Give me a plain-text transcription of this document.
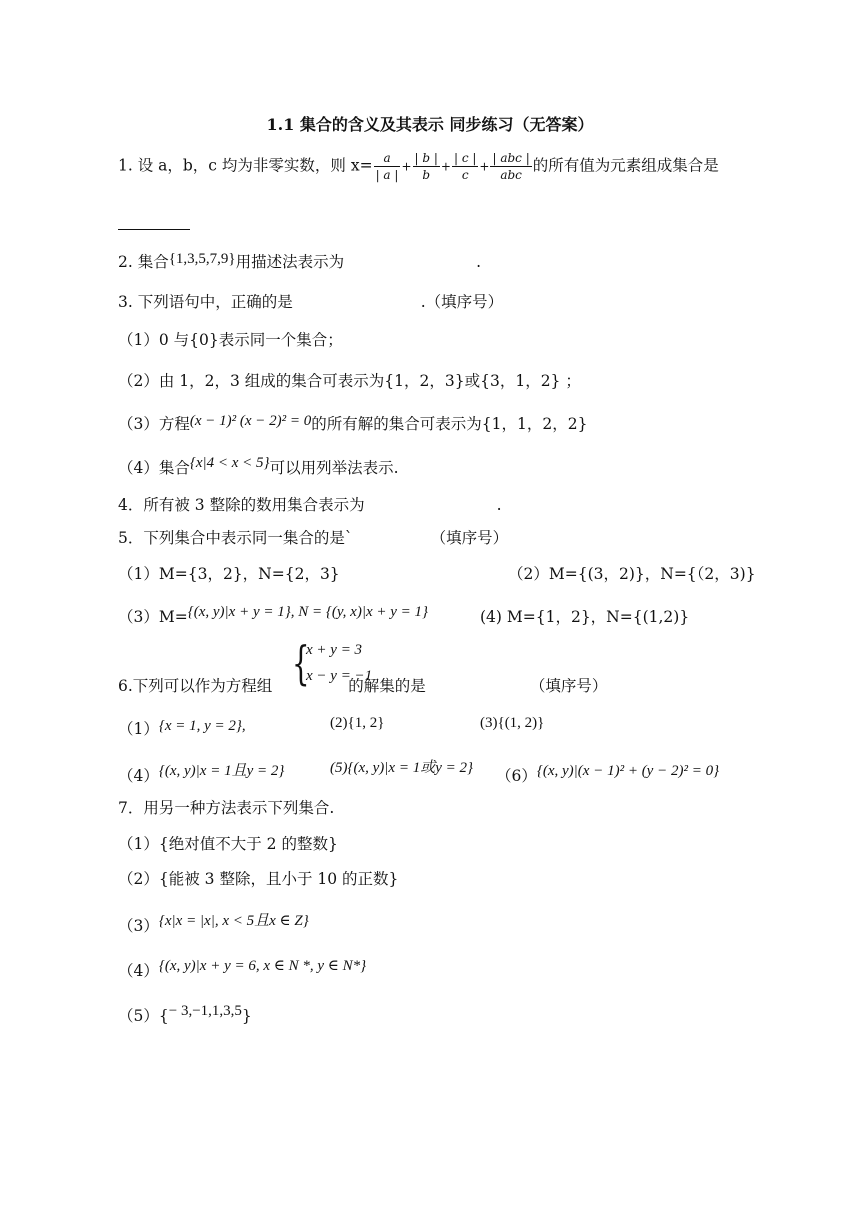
1.1 集合的含义及其表示 同步练习（无答案）
1. 设 a，b，c 均为非零实数，则 $x= \frac{a}{| a |} + \frac{| b |}{b} + \frac{| c |}{c} + \frac{\text{| abc |}}{\text{abc}}$ 的所有值为元素组成集合是
2. 集合{1,3,5,7,9}用描述法表示为	.
3. 下列语句中，正确的是	.（填序号）
（1）0 与{0}表示同一个集合；
（2）由 1，2，3 组成的集合可表示为{1，2，3}或{3，1，2} ；
（3）方程(x − 1)² (x − 2)² = 0的所有解的集合可表示为{1，1，2，2}
（4）集合{x|4 < x < 5}可以用列举法表示.
4．所有被 3 整除的数用集合表示为	.
5．下列集合中表示同一集合的是`	（填序号）
（1）M={3，2}，N={2，3}	（2）M={(3，2)}，N={（2，3)}
（3）M={(x, y)|x + y = 1}, N = {(y, x)|x + y = 1}	(4) M={1，2}，N={(1,2)}
6.下列可以作为方程组	的解集的是	（填序号）
{
x + y = 3
x − y = −1
（1）{x = 1, y = 2},	(2){1, 2}	(3){(1, 2)}
（4）{(x, y)|x = 1且y = 2}	(5){(x, y)|x = 1或y = 2} （6）{(x, y)|(x − 1)² + (y − 2)² = 0}
7．用另一种方法表示下列集合.
（1）{绝对值不大于 2 的整数}
（2）{能被 3 整除，且小于 10 的正数}
（3）{x|x = |x|, x < 5且x ∈ Z}
（4）{(x, y)|x + y = 6, x ∈ N *, y ∈ N*}
（5）{− 3,−1,1,3,5}
